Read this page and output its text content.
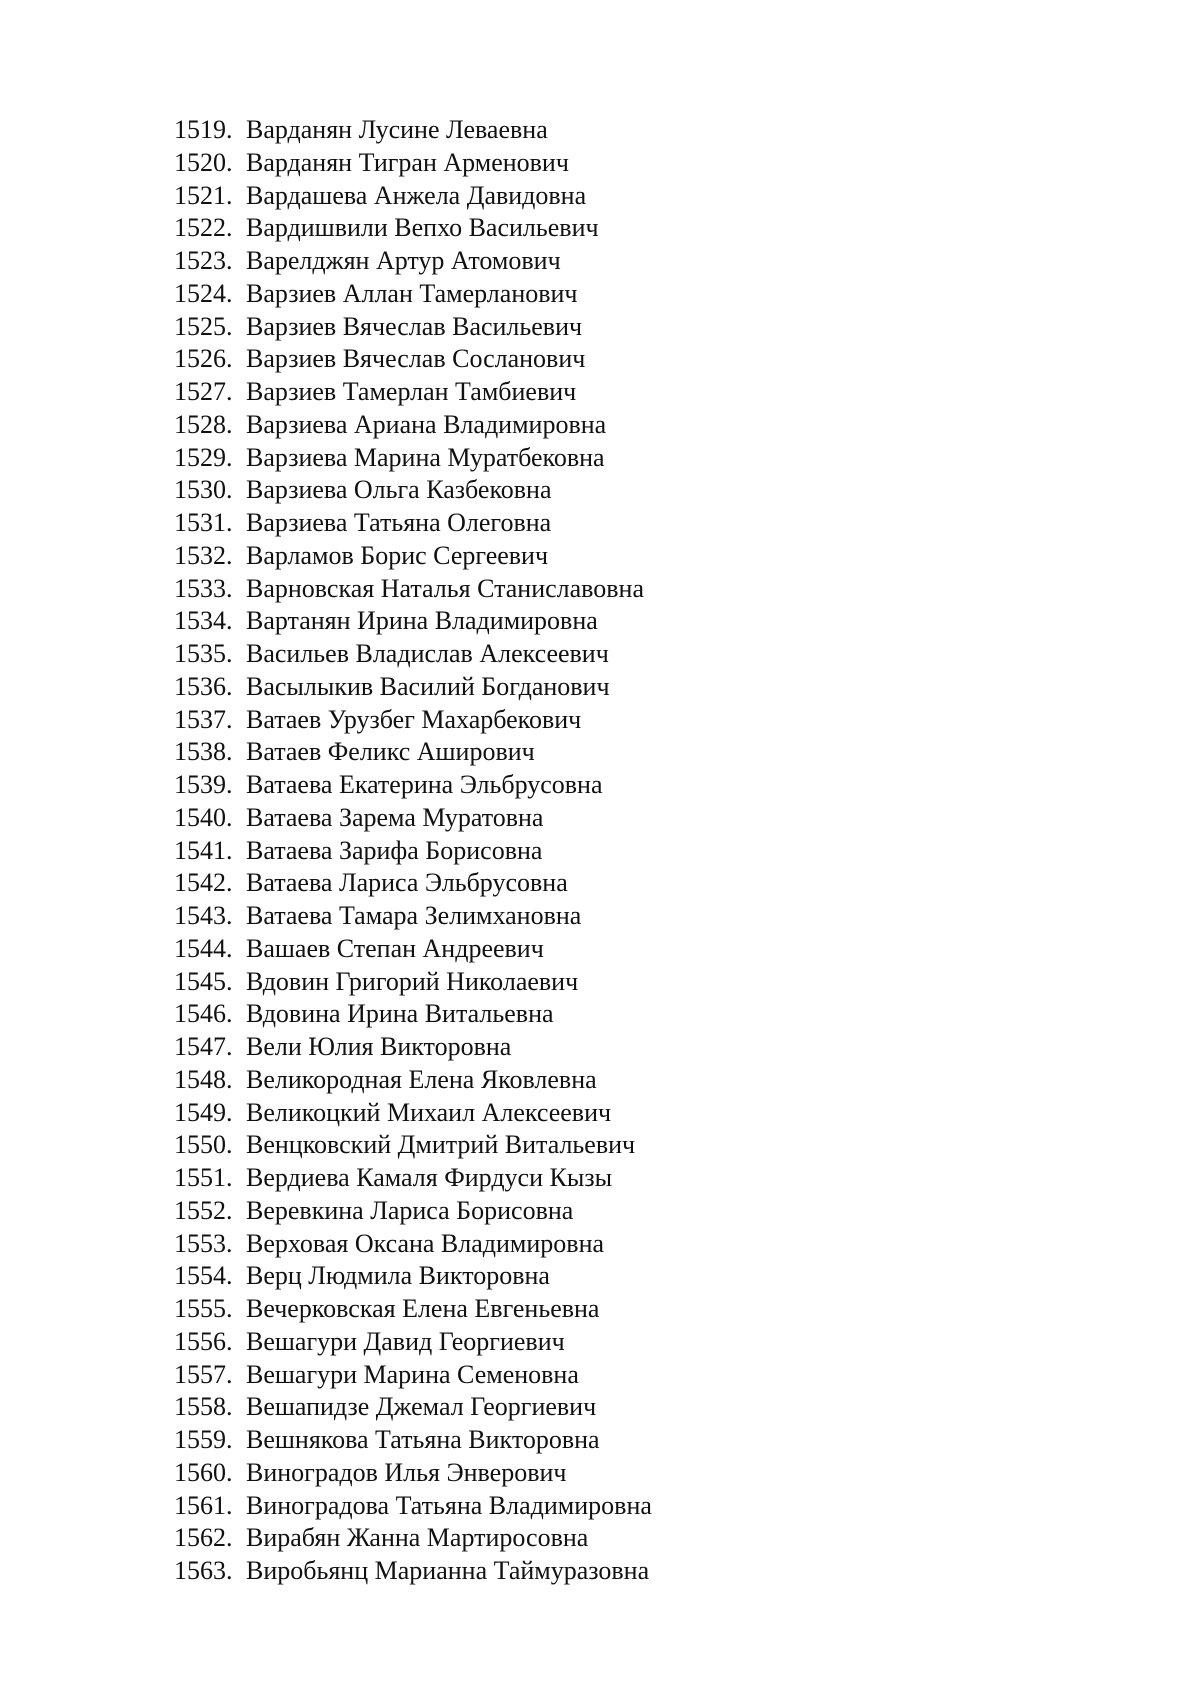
1519. Варданян Лусине Леваевна
1520. Варданян Тигран Арменович
1521. Вардашева Анжела Давидовна
1522. Вардишвили Вепхо Васильевич
1523. Варелджян Артур Атомович
1524. Варзиев Аллан Тамерланович
1525. Варзиев Вячеслав Васильевич
1526. Варзиев Вячеслав Сосланович
1527. Варзиев Тамерлан Тамбиевич
1528. Варзиева Ариана Владимировна
1529. Варзиева Марина Муратбековна
1530. Варзиева Ольга Казбековна
1531. Варзиева Татьяна Олеговна
1532. Варламов Борис Сергеевич
1533. Варновская Наталья Станиславовна
1534. Вартанян Ирина Владимировна
1535. Васильев Владислав Алексеевич
1536. Васылыкив Василий Богданович
1537. Ватаев Урузбег Махарбекович
1538. Ватаев Феликс Аширович
1539. Ватаева Екатерина Эльбрусовна
1540. Ватаева Зарема Муратовна
1541. Ватаева Зарифа Борисовна
1542. Ватаева Лариса Эльбрусовна
1543. Ватаева Тамара Зелимхановна
1544. Вашаев Степан Андреевич
1545. Вдовин Григорий Николаевич
1546. Вдовина Ирина Витальевна
1547. Вели Юлия Викторовна
1548. Великородная Елена Яковлевна
1549. Великоцкий Михаил Алексеевич
1550. Венцковский Дмитрий Витальевич
1551. Вердиева Камаля Фирдуси Кызы
1552. Веревкина Лариса Борисовна
1553. Верховая Оксана Владимировна
1554. Верц Людмила Викторовна
1555. Вечерковская Елена Евгеньевна
1556. Вешагури Давид Георгиевич
1557. Вешагури Марина Семеновна
1558. Вешапидзе Джемал Георгиевич
1559. Вешнякова Татьяна Викторовна
1560. Виноградов Илья Энверович
1561. Виноградова Татьяна Владимировна
1562. Вирабян Жанна Мартиросовна
1563. Виробьянц Марианна Таймуразовна
